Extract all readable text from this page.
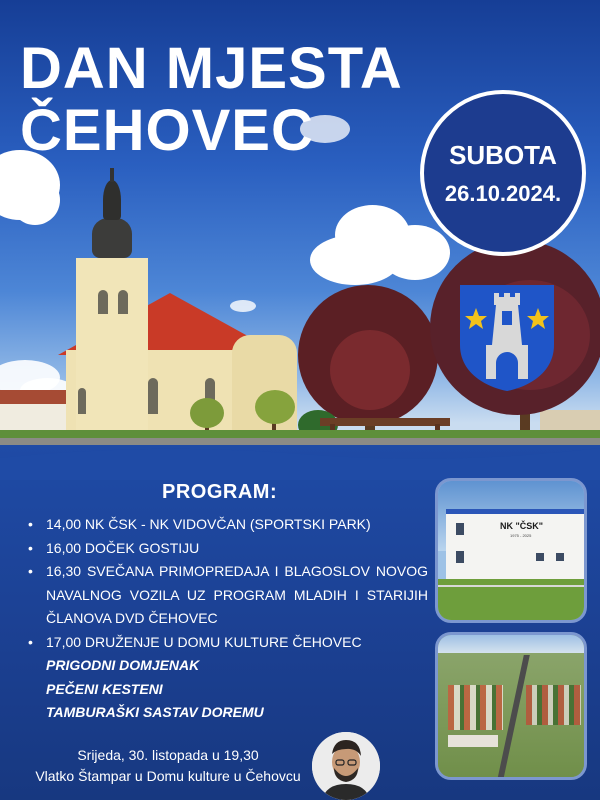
DAN MJESTA
ČEHOVEC	SUBOTA
26.10.2024.
PROGRAM:
• 14,00 NK ČSK - NK VIDOVČAN (SPORTSKI PARK)
• 16,00 DOČEK GOSTIJU
• 16,30 SVEČANA PRIMOPREDAJA I BLAGOSLOV NOVOG NAVALNOG VOZILA UZ PROGRAM MLADIH I STARIJIH ČLANOVA DVD ČEHOVEC
• 17,00 DRUŽENJE U DOMU KULTURE ČEHOVEC
PRIGODNI DOMJENAK
PEČENI KESTENI
TAMBURAŠKI SASTAV DOREMU
NK "ČSK"
1975 - 2025
Srijeda, 30. listopada u 19,30
Vlatko Štampar u Domu kulture u Čehovcu
